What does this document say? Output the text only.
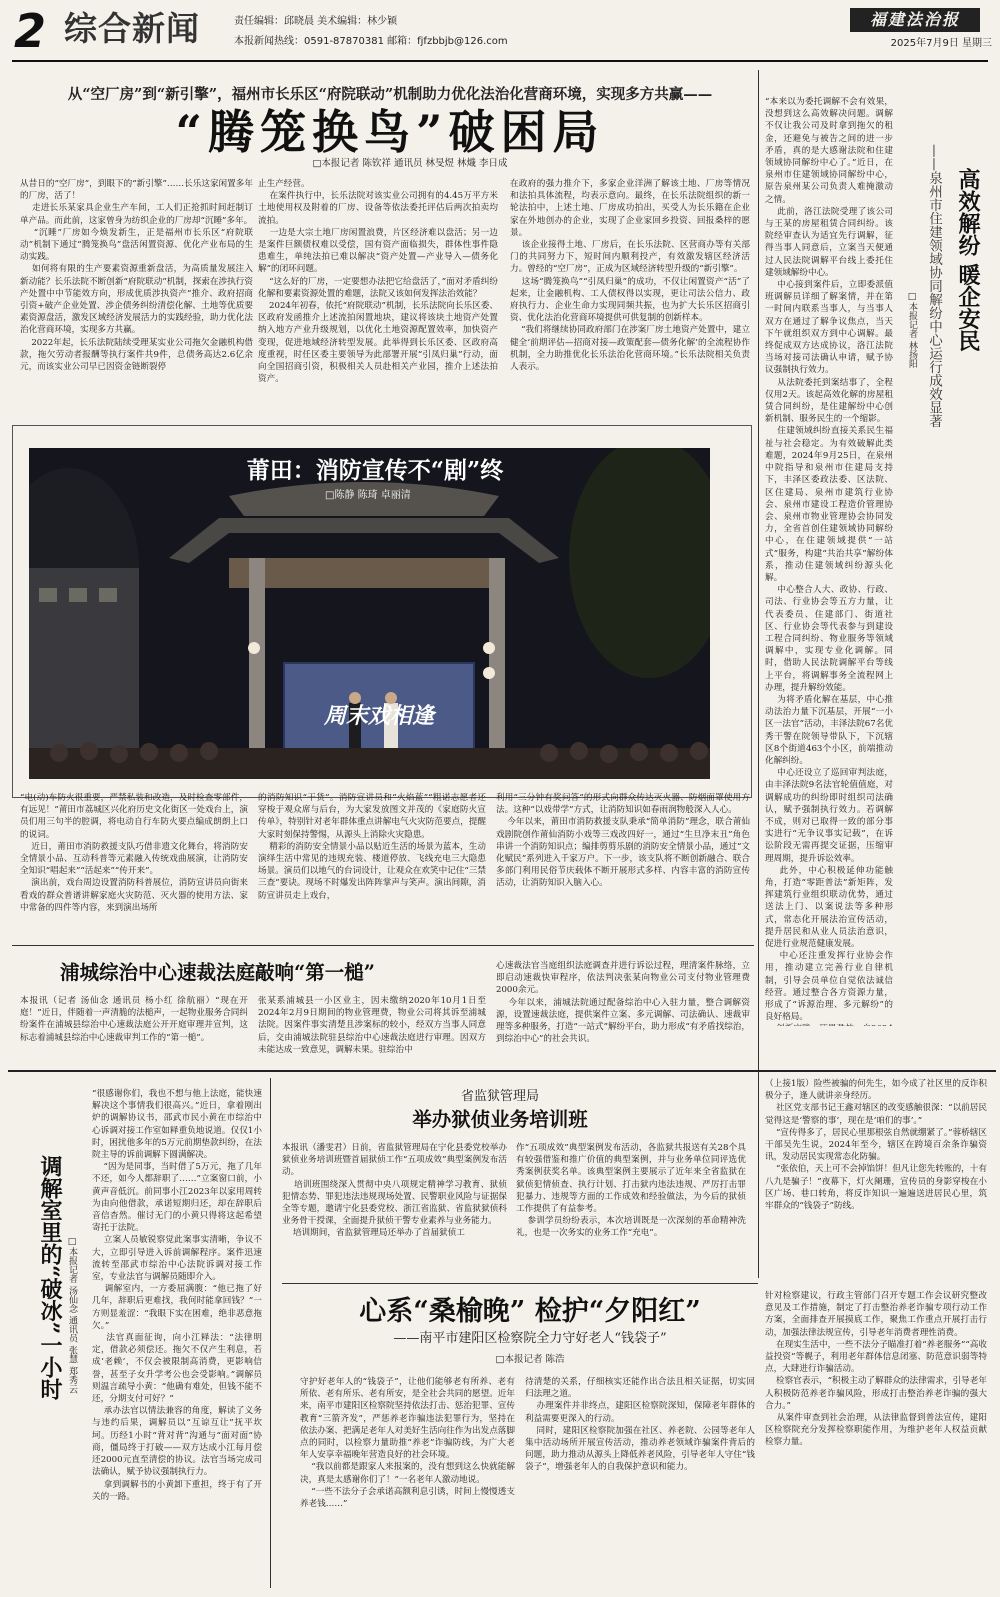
2 综合新闻	责任编辑：邱晓晨 美术编辑：林少颖
本报新闻热线：0591-87870381 邮箱：fjfzbbjb@126.com
福建法治报
2025年7月9日 星期三
从“空厂房”到“新引擎”，福州市长乐区“府院联动”机制助力优化法治化营商环境，实现多方共赢——
“腾笼换鸟”破困局
□本报记者 陈钦祥 通讯员 林旻煜 林熾 李日成
从昔日的“空厂房”，到眼下的“新引擎”……长乐这家闲置多年的厂房，活了！
走进长乐某家具企业生产车间，工人们正抢抓时间赶制订单产品。而此前，这家曾身为纺织企业的厂房却“沉睡”多年。
“沉睡”厂房如今焕发新生，正是福州市长乐区“府院联动”机制下通过“腾笼换鸟”盘活闲置资源、优化产业布局的生动实践。
如何将有限的生产要素资源重新盘活，为高质量发展注入新动能？长乐法院不断创新“府院联动”机制，探索在涉执行资产处置中中节能效方向，形成优质涉执资产“推介、政府招商引资+破产企业处置、涉企债务纠纷清偿化解、土地等优质要素资源盘活，激发区域经济发展活力的实践经验，助力优化法治化营商环境，实现多方共赢。
2022年起，长乐法院陆续受理某实业公司拖欠金融机构借款，拖欠劳动者报酬等执行案件共9件，总债务高达2.6亿余元，而该实业公司早已因资金链断裂停
止生产经营。
在案件执行中，长乐法院对该实业公司拥有的4.45万平方米土地使用权及附着的厂房、设备等依法委托评估后两次拍卖均流拍。
一边是大宗土地厂房闲置浪费，片区经济难以盘活；另一边是案件巨额债权难以受偿，国有资产面临损失，群体性事件隐患难生，单纯法拍已难以解决“资产处置—产业导入—债务化解”的闭环问题。
“这么好的厂房，一定要想办法把它给盘活了，”面对矛盾纠纷化解和要素资源处置的难题，法院又该如何发挥法治效能？
2024年初春，依托“府院联动”机制，长乐法院向长乐区委、区政府发函推介上述流拍闲置地块，建议将该块土地资产处置纳入地方产业升级规划，以优化土地资源配置效率，加快资产变现，促进地域经济转型发展。此举得到长乐区委、区政府高度重视，时任区委主要领导为此部署开展“引凤归巢”行动，面向全国招商引资，积极相关人员赴相关产业园，推介上述法拍资产。
在政府的强力推介下，多家企业洋洲了解该土地、厂房等情况和法拍具体流程，均表示意向。最终，在长乐法院组织的新一轮法拍中，上述土地、厂房成功拍出，买受人为长乐籍在企业家在外地创办的企业，实现了企业家回乡投资、回报桑梓的愿景。
该企业接得土地、厂房后，在长乐法院、区营商办等有关部门的共同努力下，短时间内顺利投产，有效激发辖区经济活力。曾经的“空厂房”，正成为区域经济转型升级的“新引擎”。
这场“腾笼换鸟”“引凤归巢”的成功，不仅让闲置资产“活”了起来，让金融机构、工人债权得以实现，更让司法公信力、政府执行力、企业生命力实现同频共振，也为扩大长乐区招商引资、优化法治化营商环境提供可供复制的创新样本。
“我们将继续协同政府部门在涉案厂房土地资产处置中，建立健全‘前期评估—招商对接—政策配套—债务化解’的全流程协作机制，全力助推优化长乐法治化营商环境。”长乐法院相关负责人表示。
周末戏相逢
莆田：消防宣传不“剧”终
□陈静 陈琦 卓丽清
“电(动)车防火很重要，严禁私装和改造，及时检查零部件，有远见！”莆田市荔城区兴化府历史文化街区一处戏台上，演员们用三句半的腔调，将电动自行车防火要点编成朗朗上口的说词。
近日，莆田市消防救援支队巧借非遗文化舞台，将消防安全情景小品、互动科普等元素融入传统戏曲展演，让消防安全知识“唱起来”“活起来”“传开来”。
演出前，戏台周边设置消防科普展位，消防宣讲员向街来看戏的群众普谱讲解家庭火灾防范、灭火器的使用方法、家中常备的四件等内容，来到演出场所
的消防知识“干货”。消防宣讲员和“火焰蓝”“粗诺志愿者还穿梭于观众席与后台，为大家发放图文并茂的《家庭防火宣传单》，特别针对老年群体重点讲解电气火灾防范要点，提醒大家时刻保持警惕，从源头上消除火灾隐患。
精彩的消防安全情景小品以贴近生活的场景为蓝本，生动演绎生活中常见的违规充装、楼道停放、飞线充电三大隐患场景。演员们以地气的台词设计，让观众在欢笑中记住“三禁三查”要诀。现场不时爆发出阵阵掌声与笑声。演出间隙，消防宣讲员走上戏台，
利用“三分钟有奖问答”的形式向群众传达灭火器、防烟面罩使用方法。这种“以戏带学”方式，让消防知识如春雨润物般深入人心。
今年以来，莆田市消防救援支队秉承“简单消防”理念，联合莆仙戏剧院创作莆仙消防小戏等三戏改四好一，通过“生旦净末丑”角色串讲一个消防知识点；编排剪剪乐剧的消防安全情景小品，通过“文化赋民”系列进入千家万户。下一步，该支队将不断创新融合、联合多部门利用民俗节庆载体不断开展形式多样、内容丰富的消防宣传活动，让消防知识入脑入心。
高效解纷 暖企安民
——泉州市住建领域协同解纷中心运行成效显著
□本报记者 林扬阳
“本来以为委托调解不会有效果，没想到这么高效解决问题。调解不仅让我公司及时拿到拖欠的租金，还避免与被告之间的进一步矛盾，真的是大感谢法院和住建领域协同解纷中心了。”近日，在泉州市住建领域协同解纷中心，原告泉州某公司负责人难掩激动之情。
此前，洛江法院受理了该公司与王某的房屋租赁合同纠纷。该院经审查认为适宜先行调解，征得当事人同意后，立案当天便通过人民法院调解平台线上委托住建领域解纷中心。
中心接到案件后，立即委派值班调解员详细了解案情，并在第一时间内联系当事人，与当事人双方在通过了解争议焦点，当天下午就组织双方到中心调解。最终促成双方达成协议，洛江法院当场对接司法确认申请，赋予协议强制执行效力。
从法院委托到案结事了，全程仅用2天。该起高效化解的房屋租赁合同纠纷，是住建解纷中心创新机制、服务民生的一个缩影。
住建领域纠纷直接关系民生福祉与社会稳定。为有效破解此类难题，2024年9月25日，在泉州中院指导和泉州市住建局支持下，丰泽区委政法委、区法院、区住建局、泉州市建筑行业协会、泉州市建设工程造价管理协会、泉州市物业管理协会协同发力，全省首创住建领域协同解纷中心，在住建领域提供“一站式”服务，构建“共治共享”解纷体系，推动住建领域纠纷源头化解。
中心整合人大、政协、行政、司法、行业协会等五方力量，让代表委员、住建部门、街道社区、行业协会等代表参与到建设工程合同纠纷、物业服务等领域调解中，实现专业化调解。同时，借助人民法院调解平台等线上平台，将调解事务全流程网上办理，提升解纷效能。
为将矛盾化解在基层，中心推动法治力量下沉基层，开展“一小区一法官”活动，丰泽法院67名优秀干警在院领导带队下，下沉辖区8个街道463个小区，前端推动化解纠纷。
中心还设立了巡回审判法庭，由丰泽法院9名法官轮值值庭，对调解成功的纠纷即时组织司法确认，赋予强制执行效力。若调解不成，则对已取得一致的部分事实进行“无争议事实记载”，在诉讼阶段无需再提交证据，压缩审理周期，提升诉讼效率。
此外，中心积极延伸功能触角，打造“零距普法”新矩阵，发挥建筑行业组织联动优势，通过送法上门、以案说法等多种形式，常态化开展法治宣传活动，提升居民和从业人员法治意识，促进行业规范健康发展。
中心还注重发挥行业协会作用，推动建立完善行业自律机制，引导会员单位自觉依法诚信经营。通过整合各方资源力量，形成了“诉源治理、多元解纷”的良好格局。

浦城综治中心速裁法庭敲响“第一槌”
本报讯（记者 汤仙念 通讯员 杨小红 徐航丽）“现在开庭！”近日，伴随着一声清脆的法槌声，一起物业服务合同纠纷案件在浦城县综治中心速裁法庭公开开庭审理并宣判，这标志着浦城县综治中心速裁审判工作的“第一槌”。
张某系浦城县一小区业主，因未缴纳2020年10月1日至2024年2月9日期间的物业管理费，物业公司将其诉至浦城法院。因案件事实清楚且涉案标的较小，经双方当事人同意后，交由浦城法院驻县综治中心速裁法庭进行审理。因双方未能达成一致意见，调解未果。驻综治中
心速裁法官当庭组织法庭调查并进行诉讼过程，理清案件脉络，立即启动速裁快审程序，依法判决张某向物业公司支付物业管理费2000余元。
今年以来，浦城法院通过配备综治中心入驻力量，整合调解资源，设置速裁法庭，提供案件立案、多元调解、司法确认、速裁审理等多种服务，打造“一站式”解纷平台，助力形成“有矛盾找综治，到综治中心”的社会共识。
调解室里的“破冰”一小时 □本报记者 汤仙念 通讯员 张慧 郑秀云
“很感谢你们，我也不想与他上法庭，能快速解决这个事情我们很高兴。”近日，拿着刚出炉的调解协议书，邵武市民小黄在市综治中心诉调对接工作室如释重负地说道。仅仅1小时，困扰他多年的5万元前期垫款纠纷，在法院主导的诉前调解下圆满解决。
“因为是同事，当时借了5万元，拖了几年不还，如今人都辞职了……”立案窗口前，小黄声音低沉。前同事小江2023年以家用周转为由向他借款，承诺短期归还，却在辞职后音信杳然。催讨无门的小黄只得将这起希望寄托于法院。
立案人员敏锐察觉此案事实清晰，争议不大，立即引导进入诉前调解程序。案件迅速流转至邵武市综治中心法院诉调对接工作室，专业法官与调解员随即介入。
调解室内，一方委屈满腹：“他已拖了好几年，辞职后更难找，我何时能拿回钱？”一方则显羞涩：“我眼下实在困难，绝非恶意拖欠。”
法官真面征询，向小江释法：“法律明定，借款必须偿还。拖欠不仅产生利息，若成‘老赖’，不仅会被限制高消费，更影响信誉，甚至子女升学考公也会受影响。”调解员则温言疏导小黄：“他确有难处，但钱不能不还，分期支付可好？”
承办法官以情法兼容的角度，解读了义务与违约后果，调解员以“互谅互让”抚平坎坷。历经1小时“背对背”沟通与“面对面”协商，僵局终于打破——双方达成小江每月偿还2000元直至清偿的协议。法官当场完成司法确认，赋予协议强制执行力。
拿到调解书的小黄卸下重担，终于有了开关的一路。
省监狱管理局
举办狱侦业务培训班
本报讯（潘雯君）日前，省监狱管理局在宁化县委党校举办狱侦业务培训班暨首届狱侦工作“五项成效”典型案例发布活动。
培训班围绕深入贯彻中央八项规定精神学习教育、狱侦犯情态势、罪犯违法违规现场处置、民警职业风险与证据保全等专题，邀请宁化县委党校、浙江省监狱、省监狱狱侦科业务骨干授课，全面提升狱侦干警专业素养与业务能力。
培训期间，省监狱管理局还举办了首届狱侦工
作“五项成效”典型案例发布活动，各监狱共报送有关28个具有较强借鉴和推广价值的典型案例，并与业务单位同评选优秀案例获奖名单。该典型案例主要展示了近年来全省监狱在狱侦犯情侦查、执行计划、打击狱内违法违规、严厉打击罪犯暴力、违规等方面的工作成效和经验做法，为今后的狱侦工作提供了有益参考。
参训学员纷纷表示，本次培训既是一次深刻的革命精神洗礼，也是一次务实的业务工作“充电”。
（上接1版）险些被骗的何先生，如今成了社区里的反诈积极分子，逢人就讲亲身经历。
社区党支部书记王鑫对辖区的改变感触很深：“以前居民觉得这是‘警察的事’，现在是‘咱们的事’。”
“宣传得多了，居民心里那根弦自然就绷紧了。”蓉桥辖区干部吴先生说，2024年至今，辖区在跨境百余条诈骗资讯，发动居民实现常态化防骗。
“张依伯，天上可不会掉馅饼！但凡让您先转账的，十有八九是骗子！”夜幕下，灯火阑珊，宣传员的身影穿梭在小区广场、巷口转角，将反诈知识一遍遍送进居民心里，筑牢群众的“钱袋子”防线。
心系“桑榆晚” 检护“夕阳红”
——南平市建阳区检察院全力守好老人“钱袋子”
□本报记者 陈浩
守护好老年人的“钱袋子”，让他们能够老有所养、老有所依、老有所乐、老有所安，是全社会共同的愿望。近年来，南平市建阳区检察院坚持依法打击、惩治犯罪、宣传教育“三箭齐发”，严惩养老诈骗违法犯罪行为，坚持在依法办案、把满足老年人对美好生活向往作为出发点落脚点的同时，以检察力量助推“养老”诈骗防线，为广大老年人安享幸福晚年营造良好的社会环境。
“我以前都是跟家人来报案的，没有想到这么快就能解决，真是太感谢你们了！”一名老年人激动地说。
“一些不法分子会承诺高额利息引诱，时间上慢慢透支养老钱……”
待清楚的关系，仔细核实还能作出合法且相关证据，切实回归法理之道。
办理案件并非终点，建阳区检察院深知，保障老年群体的利益需要更深入的行动。
同时，建阳区检察院加强在社区、养老院、公园等老年人集中活动场所开展宣传活动，推动养老领域诈骗案件背后的问题，助力推动从源头上降低养老风险，引导老年人守住“钱袋子”，增强老年人的自我保护意识和能力。
针对检察建议，行政主管部门召开专题工作会议研究整改意见及工作措施，制定了打击整治养老诈骗专项行动工作方案，全面排查开展摸底工作，聚焦工作重点开展打击行动，加强法律法规宣传，引导老年消费者理性消费。
在现实生活中，一些不法分子瞄准打着“养老服务”“高收益投资”等幌子，利用老年群体信息闭塞、防范意识弱等特点，大肆进行诈骗活动。
检察官表示，“积极主动了解群众的法律需求，引导老年人积极防范养老诈骗风险，形成打击整治养老诈骗的强大合力。”
从案件审查到社会治理，从法律监督到普法宣传，建阳区检察院充分发挥检察职能作用，为维护老年人权益贡献检察力量。
